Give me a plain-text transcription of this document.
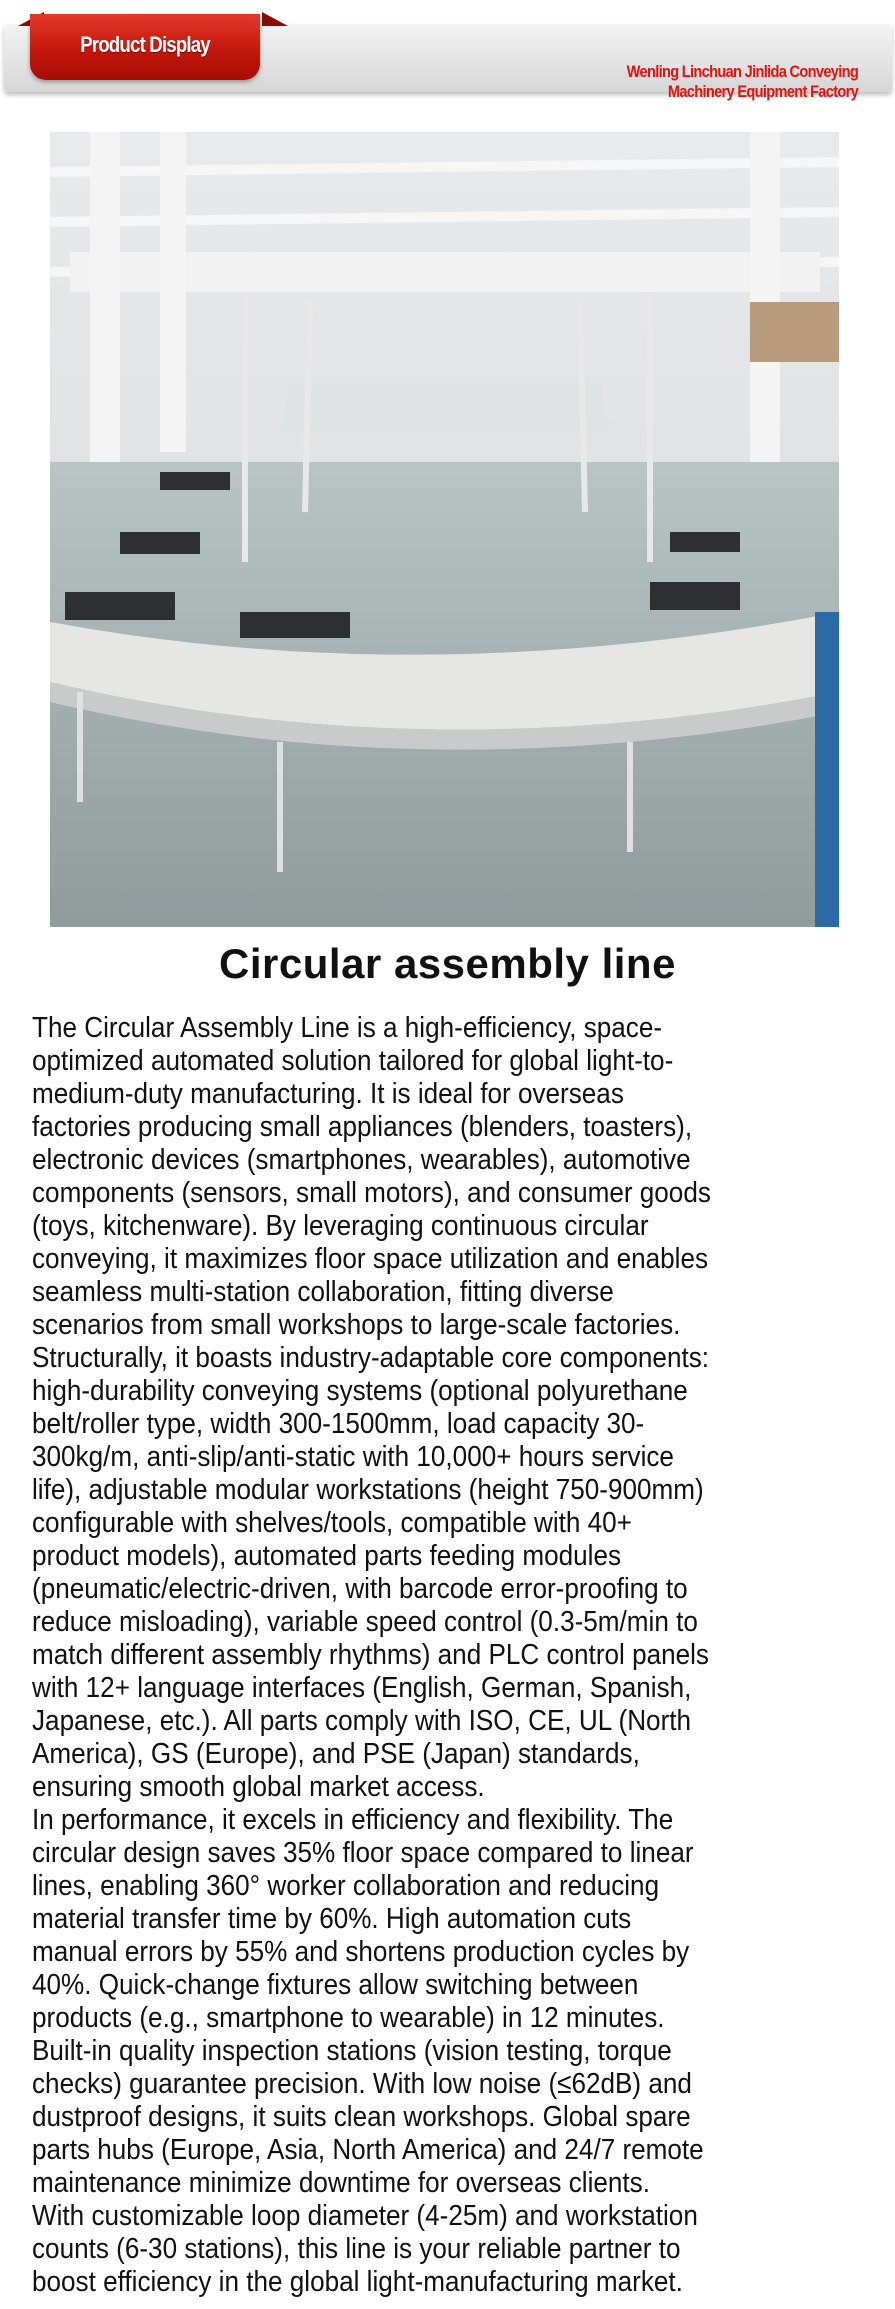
Wenling Linchuan Jinlida Conveying
Machinery Equipment Factory
Product Display
Circular assembly line
The Circular Assembly Line is a high-efficiency, space-
optimized automated solution tailored for global light-to-
medium-duty manufacturing. It is ideal for overseas
factories producing small appliances (blenders, toasters),
electronic devices (smartphones, wearables), automotive
components (sensors, small motors), and consumer goods
(toys, kitchenware). By leveraging continuous circular
conveying, it maximizes floor space utilization and enables
seamless multi-station collaboration, fitting diverse
scenarios from small workshops to large-scale factories.
Structurally, it boasts industry-adaptable core components:
high-durability conveying systems (optional polyurethane
belt/roller type, width 300-1500mm, load capacity 30-
300kg/m, anti-slip/anti-static with 10,000+ hours service
life), adjustable modular workstations (height 750-900mm)
configurable with shelves/tools, compatible with 40+
product models), automated parts feeding modules
(pneumatic/electric-driven, with barcode error-proofing to
reduce misloading), variable speed control (0.3-5m/min to
match different assembly rhythms) and PLC control panels
with 12+ language interfaces (English, German, Spanish,
Japanese, etc.). All parts comply with ISO, CE, UL (North
America), GS (Europe), and PSE (Japan) standards,
ensuring smooth global market access.
In performance, it excels in efficiency and flexibility. The
circular design saves 35% floor space compared to linear
lines, enabling 360° worker collaboration and reducing
material transfer time by 60%. High automation cuts
manual errors by 55% and shortens production cycles by
40%. Quick-change fixtures allow switching between
products (e.g., smartphone to wearable) in 12 minutes.
Built-in quality inspection stations (vision testing, torque
checks) guarantee precision. With low noise (≤62dB) and
dustproof designs, it suits clean workshops. Global spare
parts hubs (Europe, Asia, North America) and 24/7 remote
maintenance minimize downtime for overseas clients.
With customizable loop diameter (4-25m) and workstation
counts (6-30 stations), this line is your reliable partner to
boost efficiency in the global light-manufacturing market.
